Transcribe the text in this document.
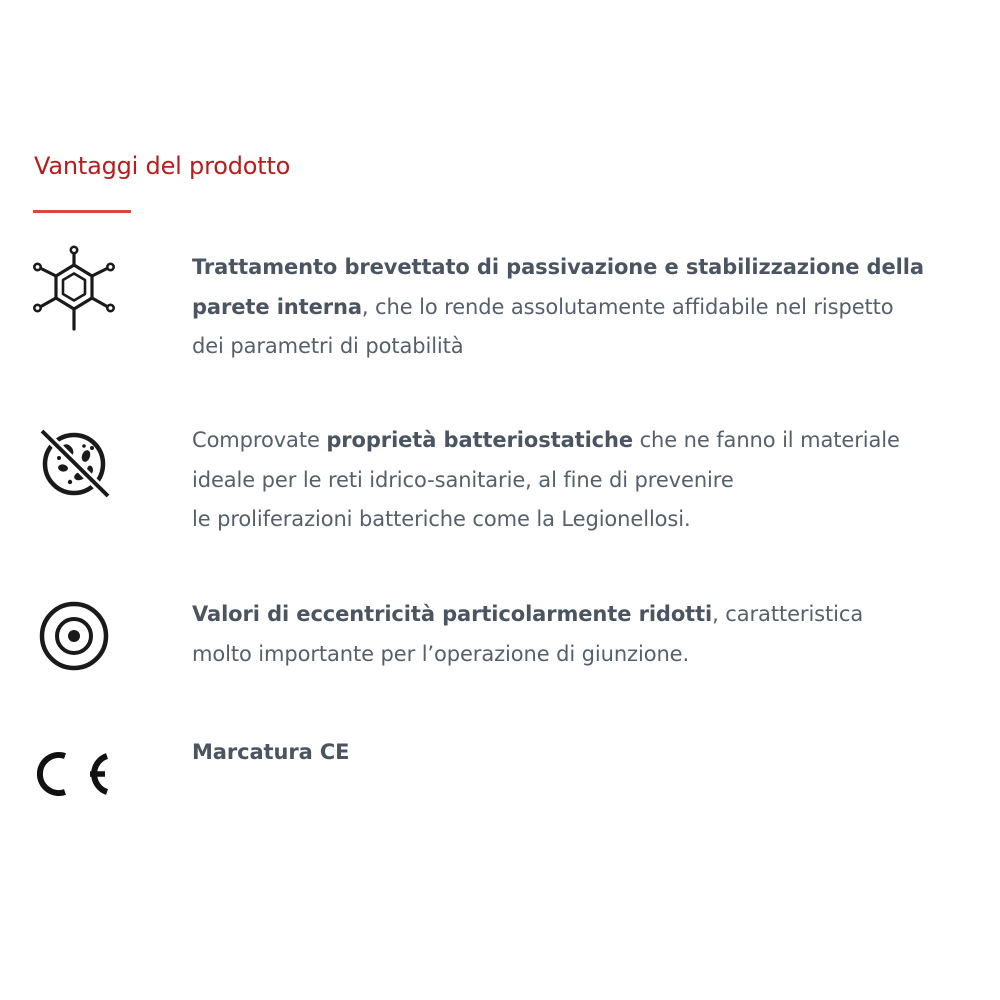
Vantaggi del prodotto

Trattamento brevettato di passivazione e stabilizzazione della
parete interna, che lo rende assolutamente affidabile nel rispetto
dei parametri di potabilità

Comprovate proprietà batteriostatiche che ne fanno il materiale
ideale per le reti idrico-sanitarie, al fine di prevenire
le proliferazioni batteriche come la Legionellosi.

Valori di eccentricità particolarmente ridotti, caratteristica
molto importante per l’operazione di giunzione.

Marcatura CE
